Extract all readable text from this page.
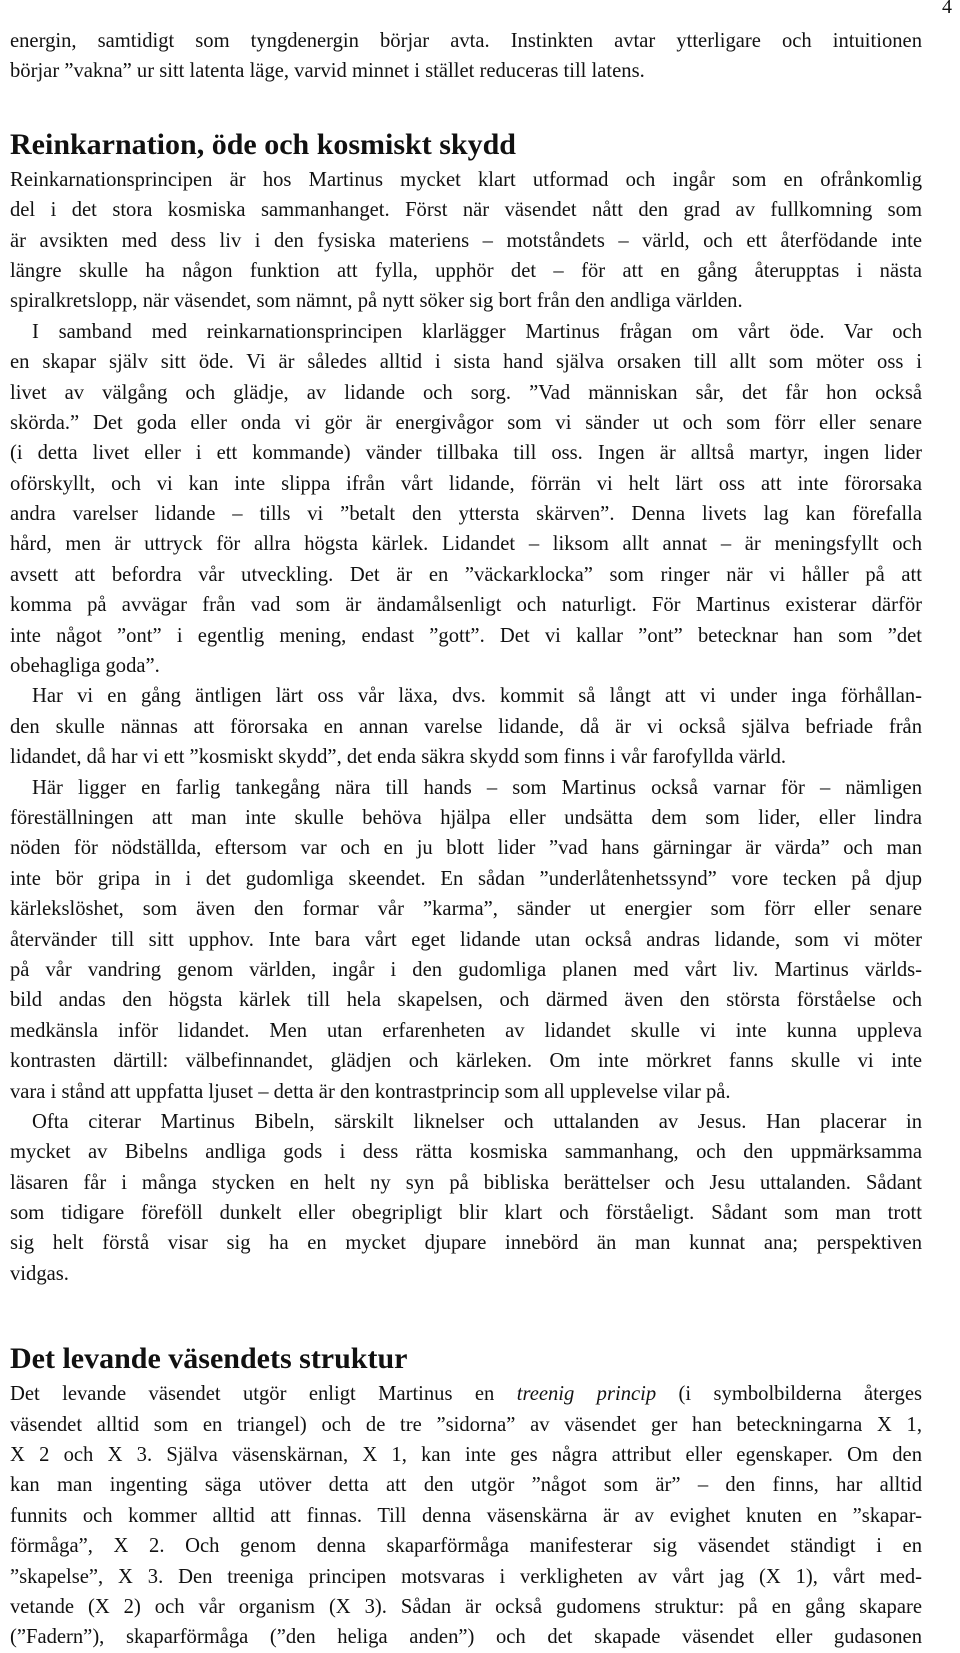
4
energin, samtidigt som tyngdenergin börjar avta. Instinkten avtar ytterligare och intuitionen
börjar ”vakna” ur sitt latenta läge, varvid minnet i stället reduceras till latens.
Reinkarnation, öde och kosmiskt skydd
Reinkarnationsprincipen är hos Martinus mycket klart utformad och ingår som en ofrånkomlig
del i det stora kosmiska sammanhanget. Först när väsendet nått den grad av fullkomning som
är avsikten med dess liv i den fysiska materiens – motståndets – värld, och ett återfödande inte
längre skulle ha någon funktion att fylla, upphör det – för att en gång återupptas i nästa
spiralkretslopp, när väsendet, som nämnt, på nytt söker sig bort från den andliga världen.
I samband med reinkarnationsprincipen klarlägger Martinus frågan om vårt öde. Var och
en skapar själv sitt öde. Vi är således alltid i sista hand själva orsaken till allt som möter oss i
livet av välgång och glädje, av lidande och sorg. ”Vad människan sår, det får hon också
skörda.” Det goda eller onda vi gör är energivågor som vi sänder ut och som förr eller senare
(i detta livet eller i ett kommande) vänder tillbaka till oss. Ingen är alltså martyr, ingen lider
oförskyllt, och vi kan inte slippa ifrån vårt lidande, förrän vi helt lärt oss att inte förorsaka
andra varelser lidande – tills vi ”betalt den yttersta skärven”. Denna livets lag kan förefalla
hård, men är uttryck för allra högsta kärlek. Lidandet – liksom allt annat – är meningsfyllt och
avsett att befordra vår utveckling. Det är en ”väckarklocka” som ringer när vi håller på att
komma på avvägar från vad som är ändamålsenligt och naturligt. För Martinus existerar därför
inte något ”ont” i egentlig mening, endast ”gott”. Det vi kallar ”ont” betecknar han som ”det
obehagliga goda”.
Har vi en gång äntligen lärt oss vår läxa, dvs. kommit så långt att vi under inga förhållan-
den skulle nännas att förorsaka en annan varelse lidande, då är vi också själva befriade från
lidandet, då har vi ett ”kosmiskt skydd”, det enda säkra skydd som finns i vår farofyllda värld.
Här ligger en farlig tankegång nära till hands – som Martinus också varnar för – nämligen
föreställningen att man inte skulle behöva hjälpa eller undsätta dem som lider, eller lindra
nöden för nödställda, eftersom var och en ju blott lider ”vad hans gärningar är värda” och man
inte bör gripa in i det gudomliga skeendet. En sådan ”underlåtenhetssynd” vore tecken på djup
kärlekslöshet, som även den formar vår ”karma”, sänder ut energier som förr eller senare
återvänder till sitt upphov. Inte bara vårt eget lidande utan också andras lidande, som vi möter
på vår vandring genom världen, ingår i den gudomliga planen med vårt liv. Martinus världs-
bild andas den högsta kärlek till hela skapelsen, och därmed även den största förståelse och
medkänsla inför lidandet. Men utan erfarenheten av lidandet skulle vi inte kunna uppleva
kontrasten därtill: välbefinnandet, glädjen och kärleken. Om inte mörkret fanns skulle vi inte
vara i stånd att uppfatta ljuset – detta är den kontrastprincip som all upplevelse vilar på.
Ofta citerar Martinus Bibeln, särskilt liknelser och uttalanden av Jesus. Han placerar in
mycket av Bibelns andliga gods i dess rätta kosmiska sammanhang, och den uppmärksamma
läsaren får i många stycken en helt ny syn på bibliska berättelser och Jesu uttalanden. Sådant
som tidigare föreföll dunkelt eller obegripligt blir klart och förståeligt. Sådant som man trott
sig helt förstå visar sig ha en mycket djupare innebörd än man kunnat ana; perspektiven
vidgas.
Det levande väsendets struktur
Det levande väsendet utgör enligt Martinus en treenig princip (i symbolbilderna återges
väsendet alltid som en triangel) och de tre ”sidorna” av väsendet ger han beteckningarna X 1,
X 2 och X 3. Själva väsenskärnan, X 1, kan inte ges några attribut eller egenskaper. Om den
kan man ingenting säga utöver detta att den utgör ”något som är” – den finns, har alltid
funnits och kommer alltid att finnas. Till denna väsenskärna är av evighet knuten en ”skapar-
förmåga”, X 2. Och genom denna skaparförmåga manifesterar sig väsendet ständigt i en
”skapelse”, X 3. Den treeniga principen motsvaras i verkligheten av vårt jag (X 1), vårt med-
vetande (X 2) och vår organism (X 3). Sådan är också gudomens struktur: på en gång skapare
(”Fadern”), skaparförmåga (”den heliga anden”) och det skapade väsendet eller gudasonen
